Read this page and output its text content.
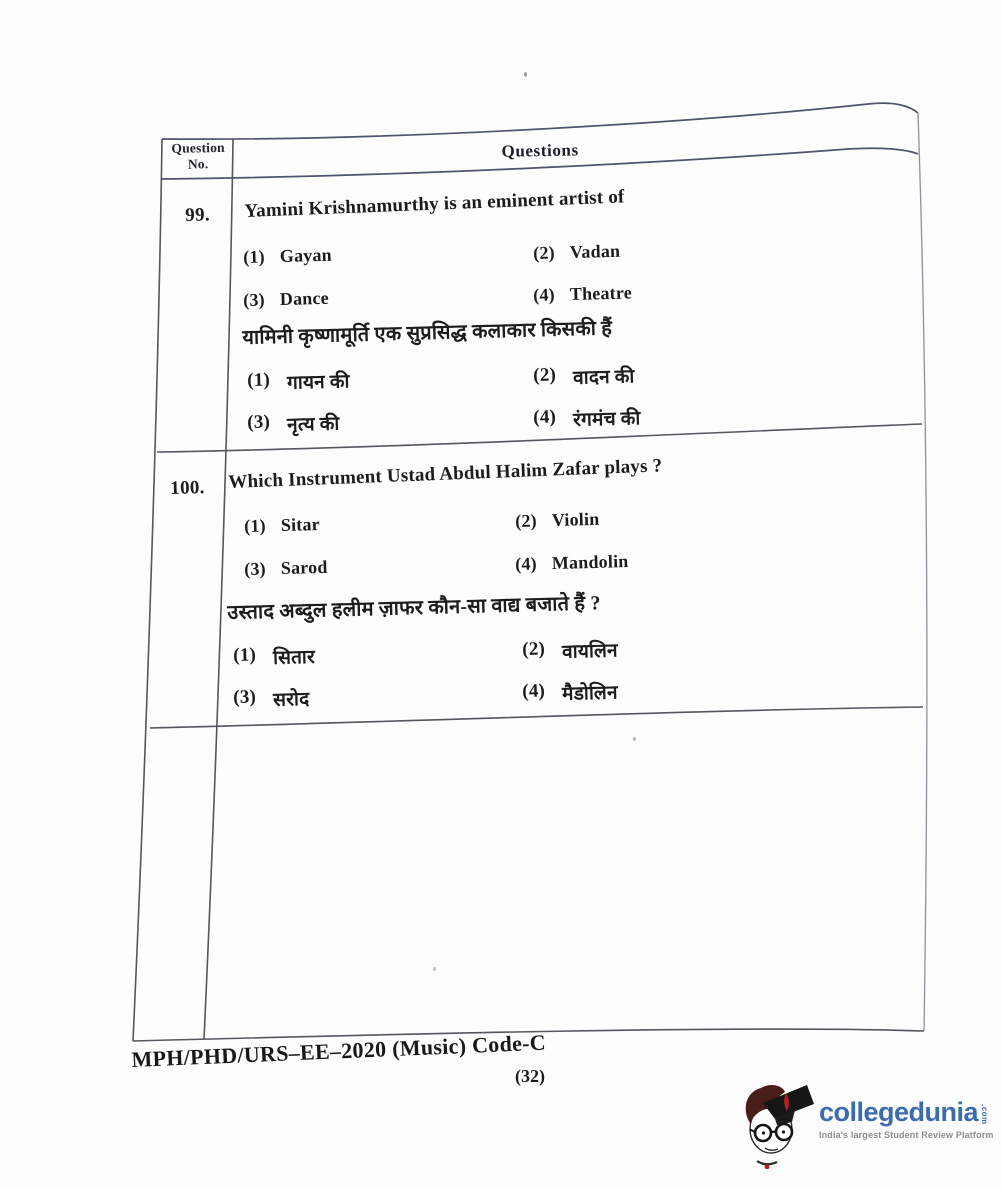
Question
No.
Questions
99. Yamini Krishnamurthy is an eminent artist of
(1) Gayan	(2) Vadan
(3) Dance	(4) Theatre
यामिनी कृष्णामूर्ति एक सुप्रसिद्ध कलाकार किसकी हैं
(1) गायन की	(2) वादन की
(3) नृत्य की	(4) रंगमंच की
100. Which Instrument Ustad Abdul Halim Zafar plays ?
(1) Sitar	(2) Violin
(3) Sarod	(4) Mandolin
उस्ताद अब्दुल हलीम ज़ाफर कौन-सा वाद्य बजाते हैं ?
(1) सितार	(2) वायलिन
(3) सरोद	(4) मैडोलिन
MPH/PHD/URS–EE–2020 (Music) Code-C
(32)
collegedunia .com
India's largest Student Review Platform
